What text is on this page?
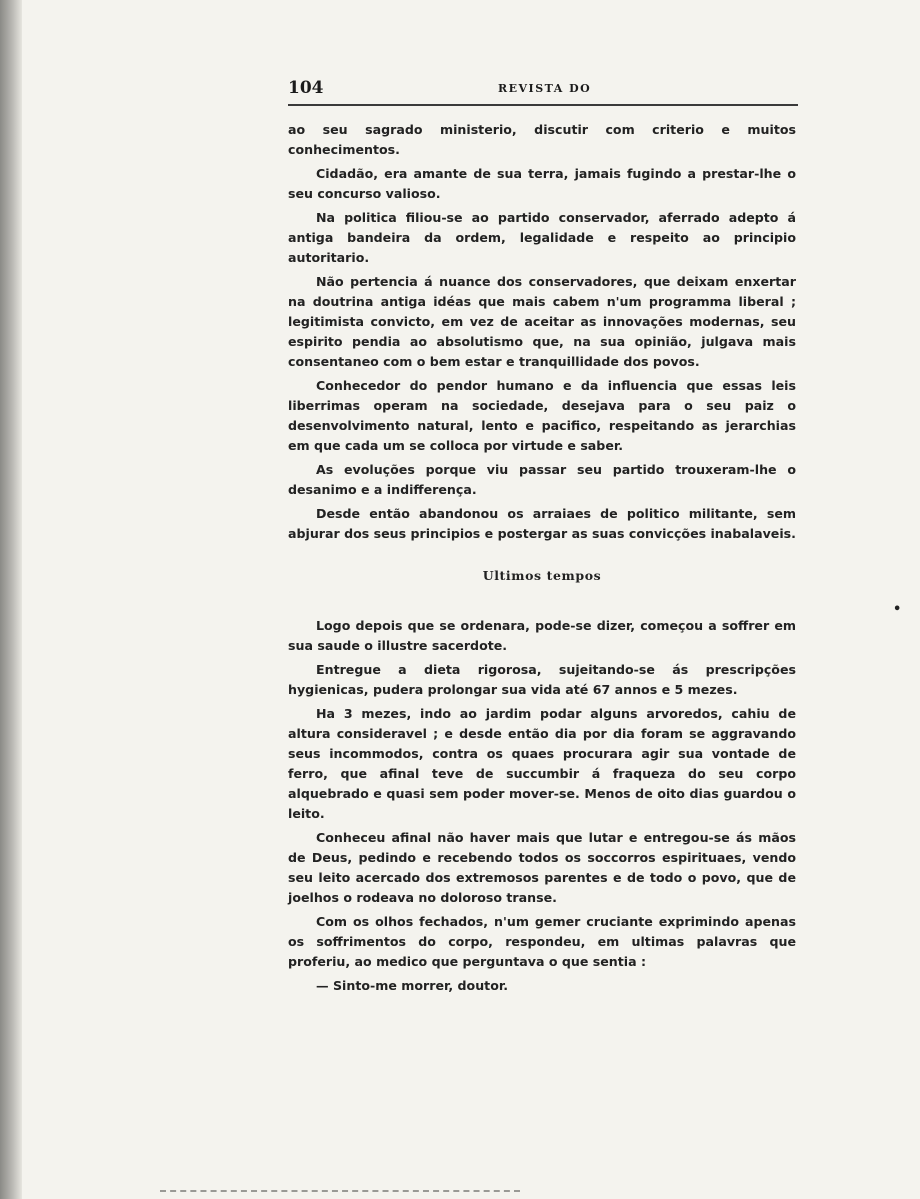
104	REVISTA DO
•

ao seu sagrado ministerio, discutir com criterio e muitos conhecimentos.

Cidadão, era amante de sua terra, jamais fugindo a prestar-lhe o seu concurso valioso.

Na politica filiou-se ao partido conservador, aferrado adepto á antiga bandeira da ordem, legalidade e respeito ao principio autoritario.

Não pertencia á nuance dos conservadores, que deixam enxertar na doutrina antiga idéas que mais cabem n'um programma liberal ; legitimista convicto, em vez de aceitar as innovações modernas, seu espirito pendia ao absolutismo que, na sua opinião, julgava mais consentaneo com o bem estar e tranquillidade dos povos.

Conhecedor do pendor humano e da influencia que essas leis liberrimas operam na sociedade, desejava para o seu paiz o desenvolvimento natural, lento e pacifico, respeitando as jerarchias em que cada um se colloca por virtude e saber.

As evoluções porque viu passar seu partido trouxeram-lhe o desanimo e a indifferença.

Desde então abandonou os arraiaes de politico militante, sem abjurar dos seus principios e postergar as suas convicções inabalaveis.

Ultimos tempos

Logo depois que se ordenara, pode-se dizer, começou a soffrer em sua saude o illustre sacerdote.

Entregue a dieta rigorosa, sujeitando-se ás prescripções hygienicas, pudera prolongar sua vida até 67 annos e 5 mezes.

Ha 3 mezes, indo ao jardim podar alguns arvoredos, cahiu de altura consideravel ; e desde então dia por dia foram se aggravando seus incommodos, contra os quaes procurara agir sua vontade de ferro, que afinal teve de succumbir á fraqueza do seu corpo alquebrado e quasi sem poder mover-se. Menos de oito dias guardou o leito.

Conheceu afinal não haver mais que lutar e entregou-se ás mãos de Deus, pedindo e recebendo todos os soccorros espirituaes, vendo seu leito acercado dos extremosos parentes e de todo o povo, que de joelhos o rodeava no doloroso transe.

Com os olhos fechados, n'um gemer cruciante exprimindo apenas os soffrimentos do corpo, respondeu, em ultimas palavras que proferiu, ao medico que perguntava o que sentia :

— Sinto-me morrer, doutor.
